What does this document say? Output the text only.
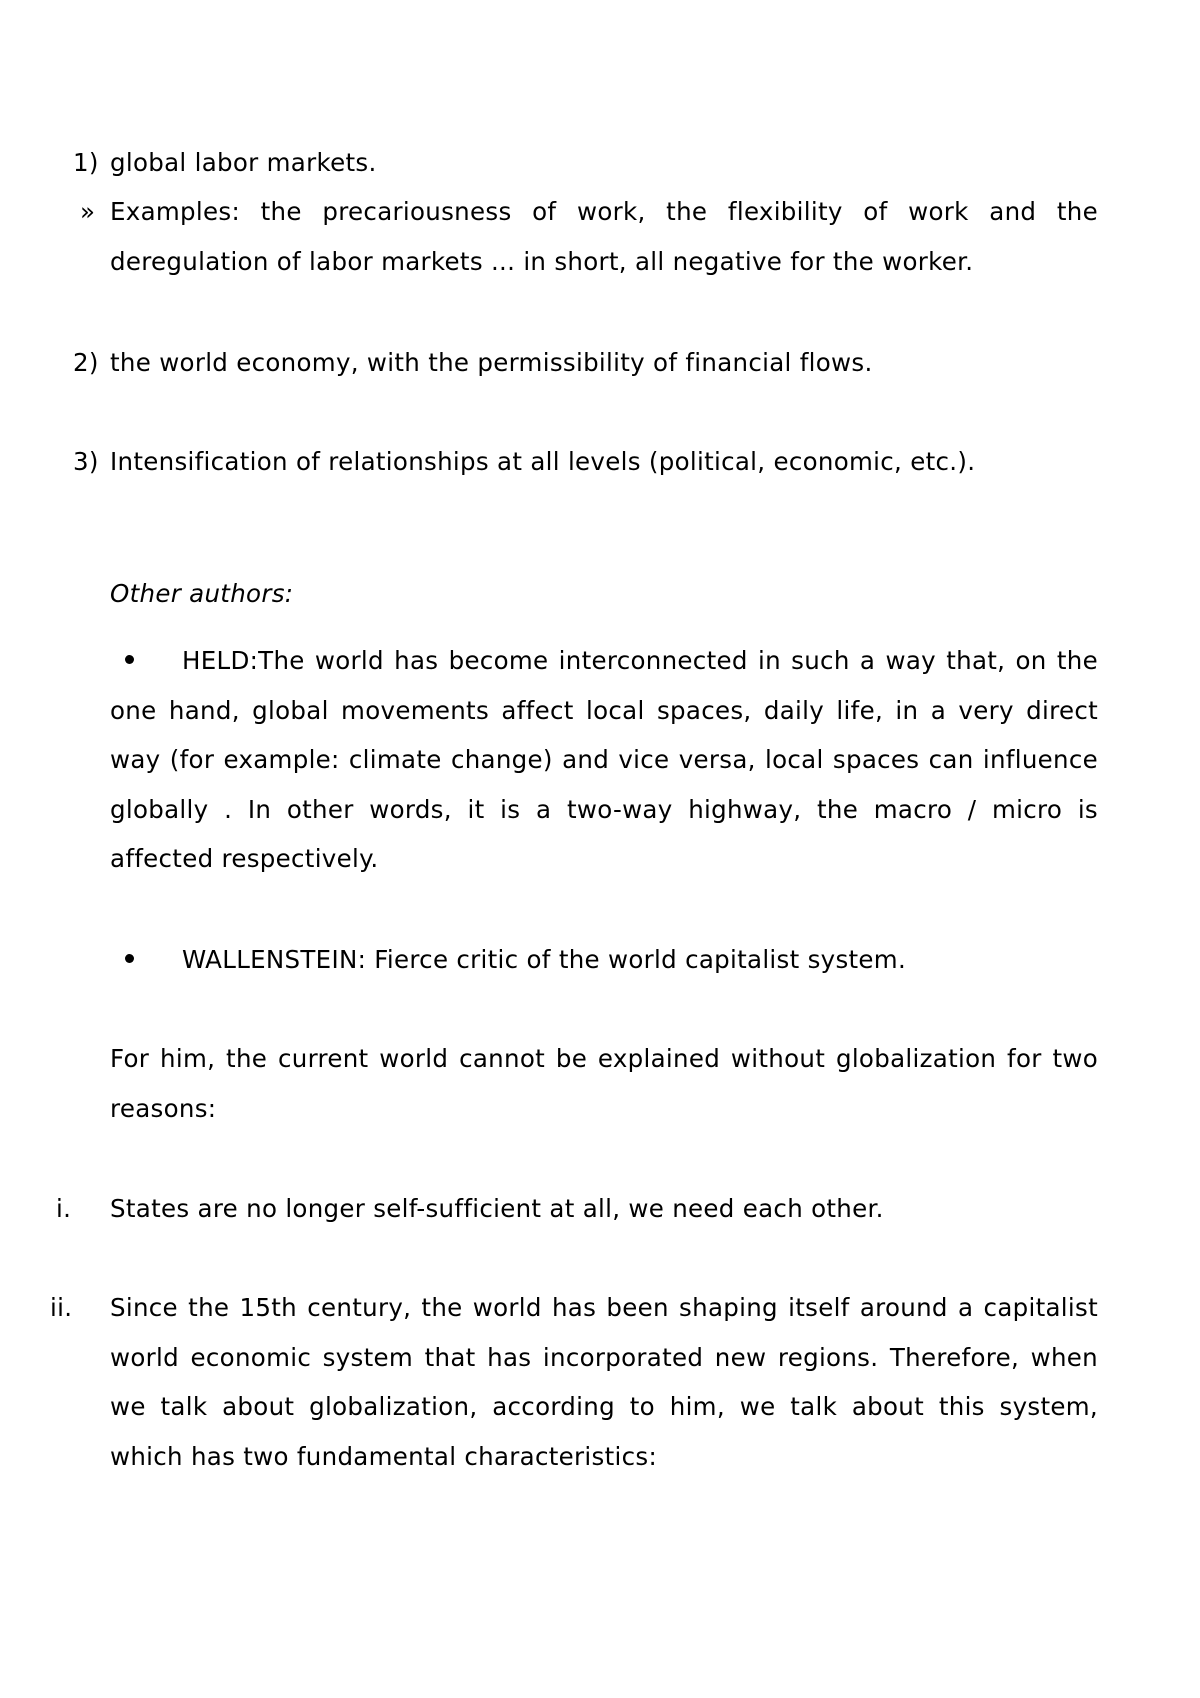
1) global labor markets.
» Examples: the precariousness of work, the flexibility of work and the deregulation of labor markets ... in short, all negative for the worker.
2) the world economy, with the permissibility of financial flows.
3) Intensification of relationships at all levels (political, economic, etc.).
Other authors:
HELD:The world has become interconnected in such a way that, on the one hand, global movements affect local spaces, daily life, in a very direct way (for example: climate change) and vice versa, local spaces can influence globally . In other words, it is a two-way highway, the macro / micro is affected respectively.
WALLENSTEIN: Fierce critic of the world capitalist system.
For him, the current world cannot be explained without globalization for two reasons:
i. States are no longer self-sufficient at all, we need each other.
ii. Since the 15th century, the world has been shaping itself around a capitalist world economic system that has incorporated new regions. Therefore, when we talk about globalization, according to him, we talk about this system, which has two fundamental characteristics:
